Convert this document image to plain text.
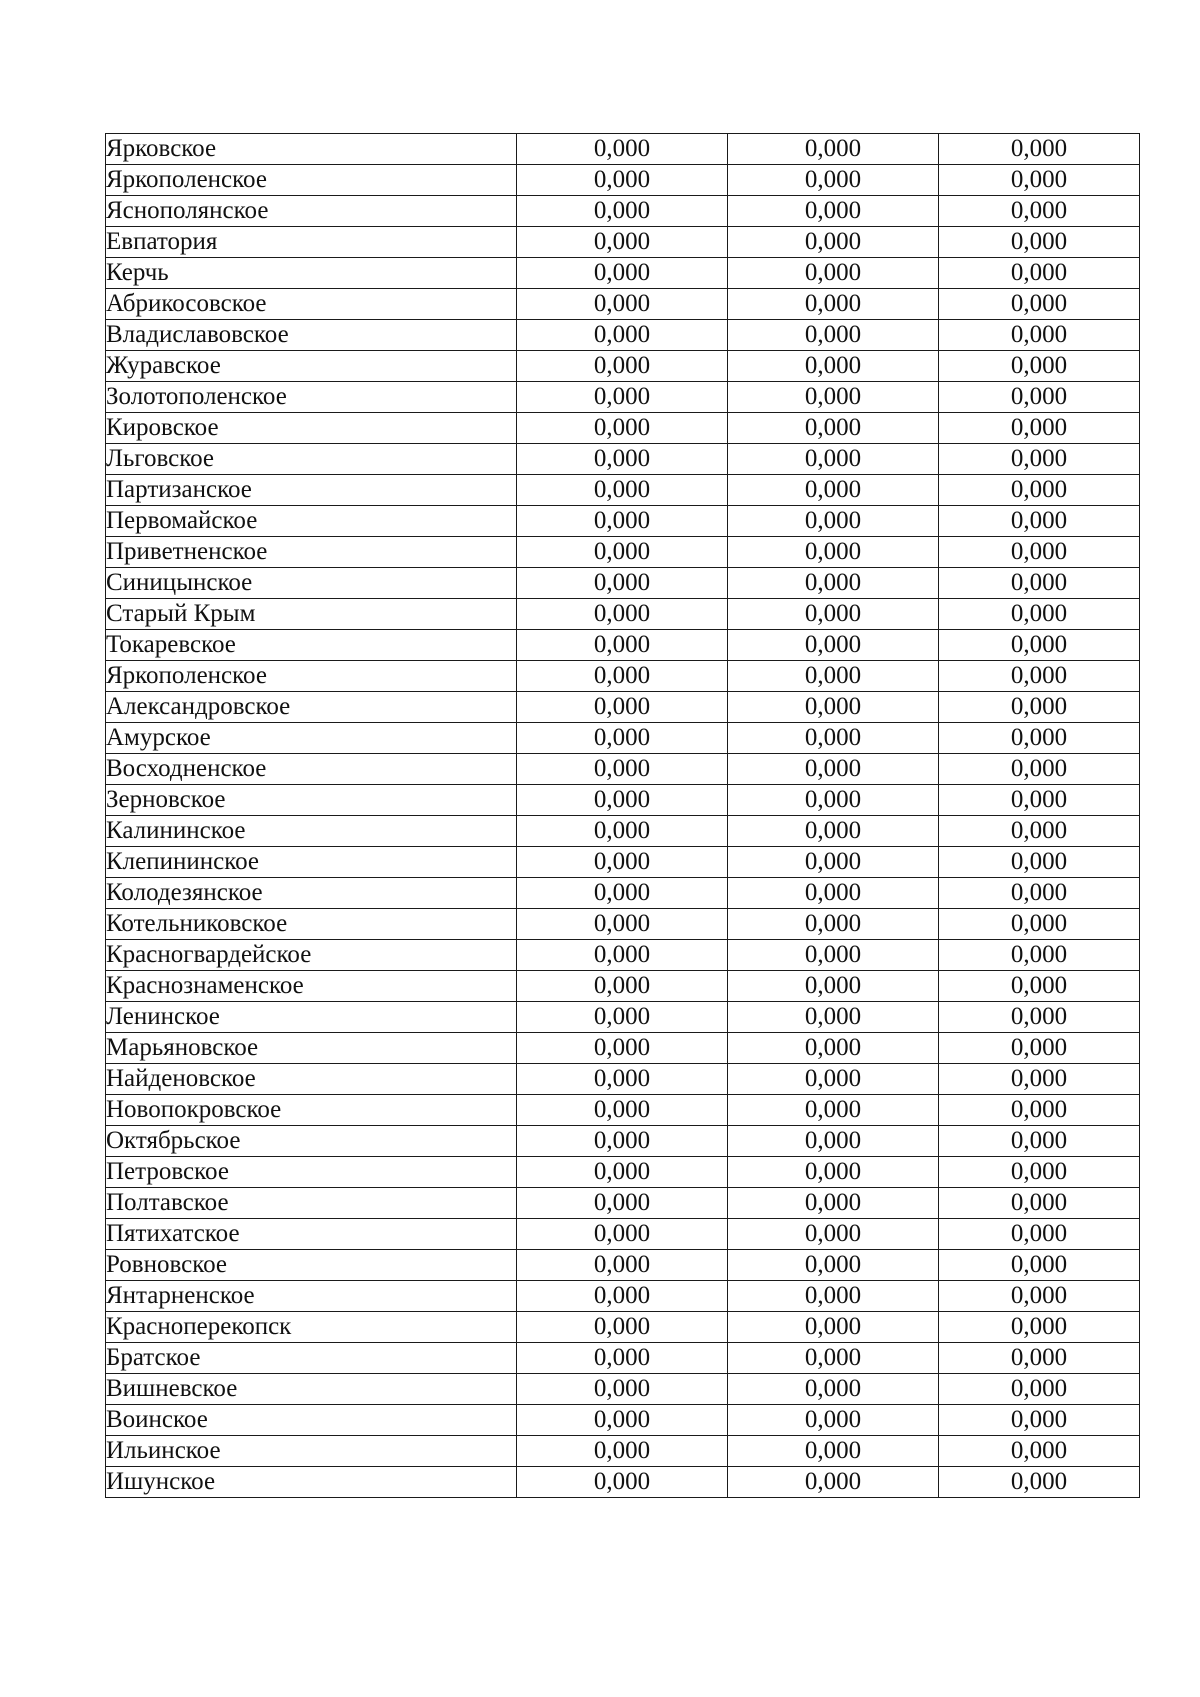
Ярковское	0,000	0,000	0,000
Яркополенское	0,000	0,000	0,000
Яснополянское	0,000	0,000	0,000
Евпатория	0,000	0,000	0,000
Керчь	0,000	0,000	0,000
Абрикосовское	0,000	0,000	0,000
Владиславовское	0,000	0,000	0,000
Журавское	0,000	0,000	0,000
Золотополенское	0,000	0,000	0,000
Кировское	0,000	0,000	0,000
Льговское	0,000	0,000	0,000
Партизанское	0,000	0,000	0,000
Первомайское	0,000	0,000	0,000
Приветненское	0,000	0,000	0,000
Синицынское	0,000	0,000	0,000
Старый Крым	0,000	0,000	0,000
Токаревское	0,000	0,000	0,000
Яркополенское	0,000	0,000	0,000
Александровское	0,000	0,000	0,000
Амурское	0,000	0,000	0,000
Восходненское	0,000	0,000	0,000
Зерновское	0,000	0,000	0,000
Калининское	0,000	0,000	0,000
Клепининское	0,000	0,000	0,000
Колодезянское	0,000	0,000	0,000
Котельниковское	0,000	0,000	0,000
Красногвардейское	0,000	0,000	0,000
Краснознаменское	0,000	0,000	0,000
Ленинское	0,000	0,000	0,000
Марьяновское	0,000	0,000	0,000
Найденовское	0,000	0,000	0,000
Новопокровское	0,000	0,000	0,000
Октябрьское	0,000	0,000	0,000
Петровское	0,000	0,000	0,000
Полтавское	0,000	0,000	0,000
Пятихатское	0,000	0,000	0,000
Ровновское	0,000	0,000	0,000
Янтарненское	0,000	0,000	0,000
Красноперекопск	0,000	0,000	0,000
Братское	0,000	0,000	0,000
Вишневское	0,000	0,000	0,000
Воинское	0,000	0,000	0,000
Ильинское	0,000	0,000	0,000
Ишунское	0,000	0,000	0,000
